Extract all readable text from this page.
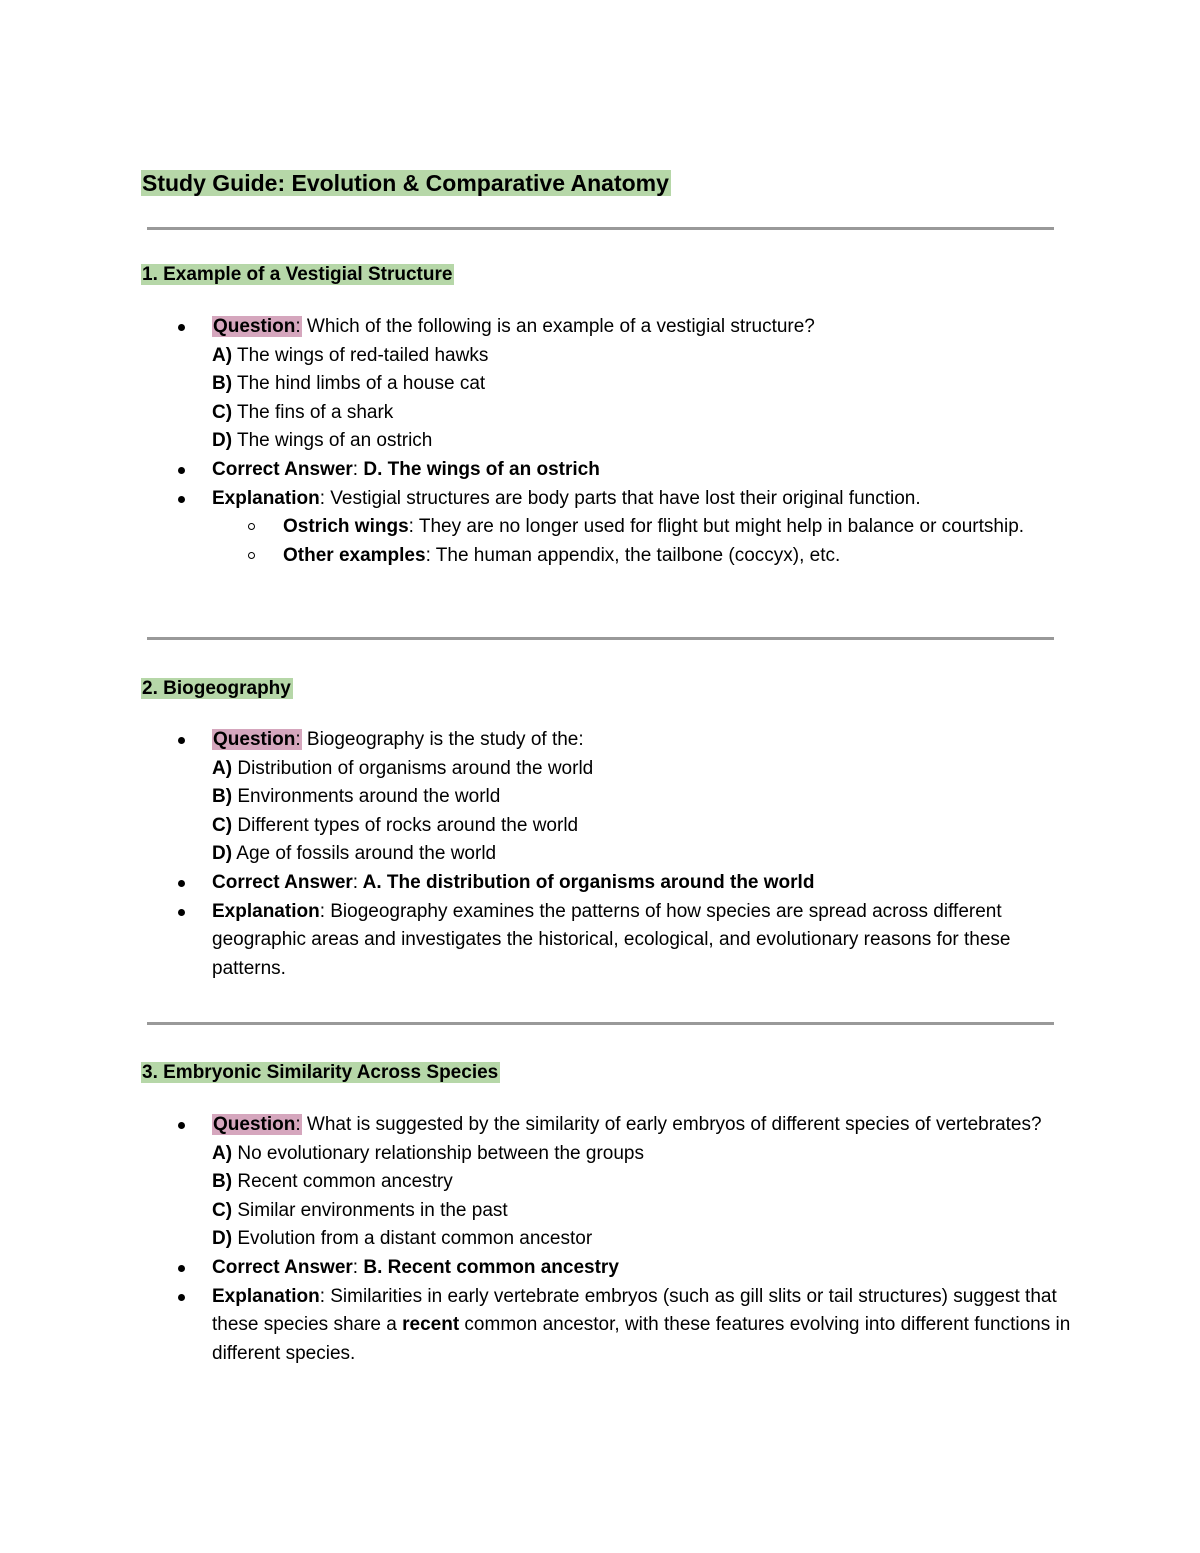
Study Guide: Evolution & Comparative Anatomy
1. Example of a Vestigial Structure
Question: Which of the following is an example of a vestigial structure?
A) The wings of red-tailed hawks
B) The hind limbs of a house cat
C) The fins of a shark
D) The wings of an ostrich
Correct Answer: D. The wings of an ostrich
Explanation: Vestigial structures are body parts that have lost their original function.
Ostrich wings: They are no longer used for flight but might help in balance or courtship.
Other examples: The human appendix, the tailbone (coccyx), etc.
2. Biogeography
Question: Biogeography is the study of the:
A) Distribution of organisms around the world
B) Environments around the world
C) Different types of rocks around the world
D) Age of fossils around the world
Correct Answer: A. The distribution of organisms around the world
Explanation: Biogeography examines the patterns of how species are spread across different geographic areas and investigates the historical, ecological, and evolutionary reasons for these patterns.
3. Embryonic Similarity Across Species
Question: What is suggested by the similarity of early embryos of different species of vertebrates?
A) No evolutionary relationship between the groups
B) Recent common ancestry
C) Similar environments in the past
D) Evolution from a distant common ancestor
Correct Answer: B. Recent common ancestry
Explanation: Similarities in early vertebrate embryos (such as gill slits or tail structures) suggest that these species share a recent common ancestor, with these features evolving into different functions in different species.
